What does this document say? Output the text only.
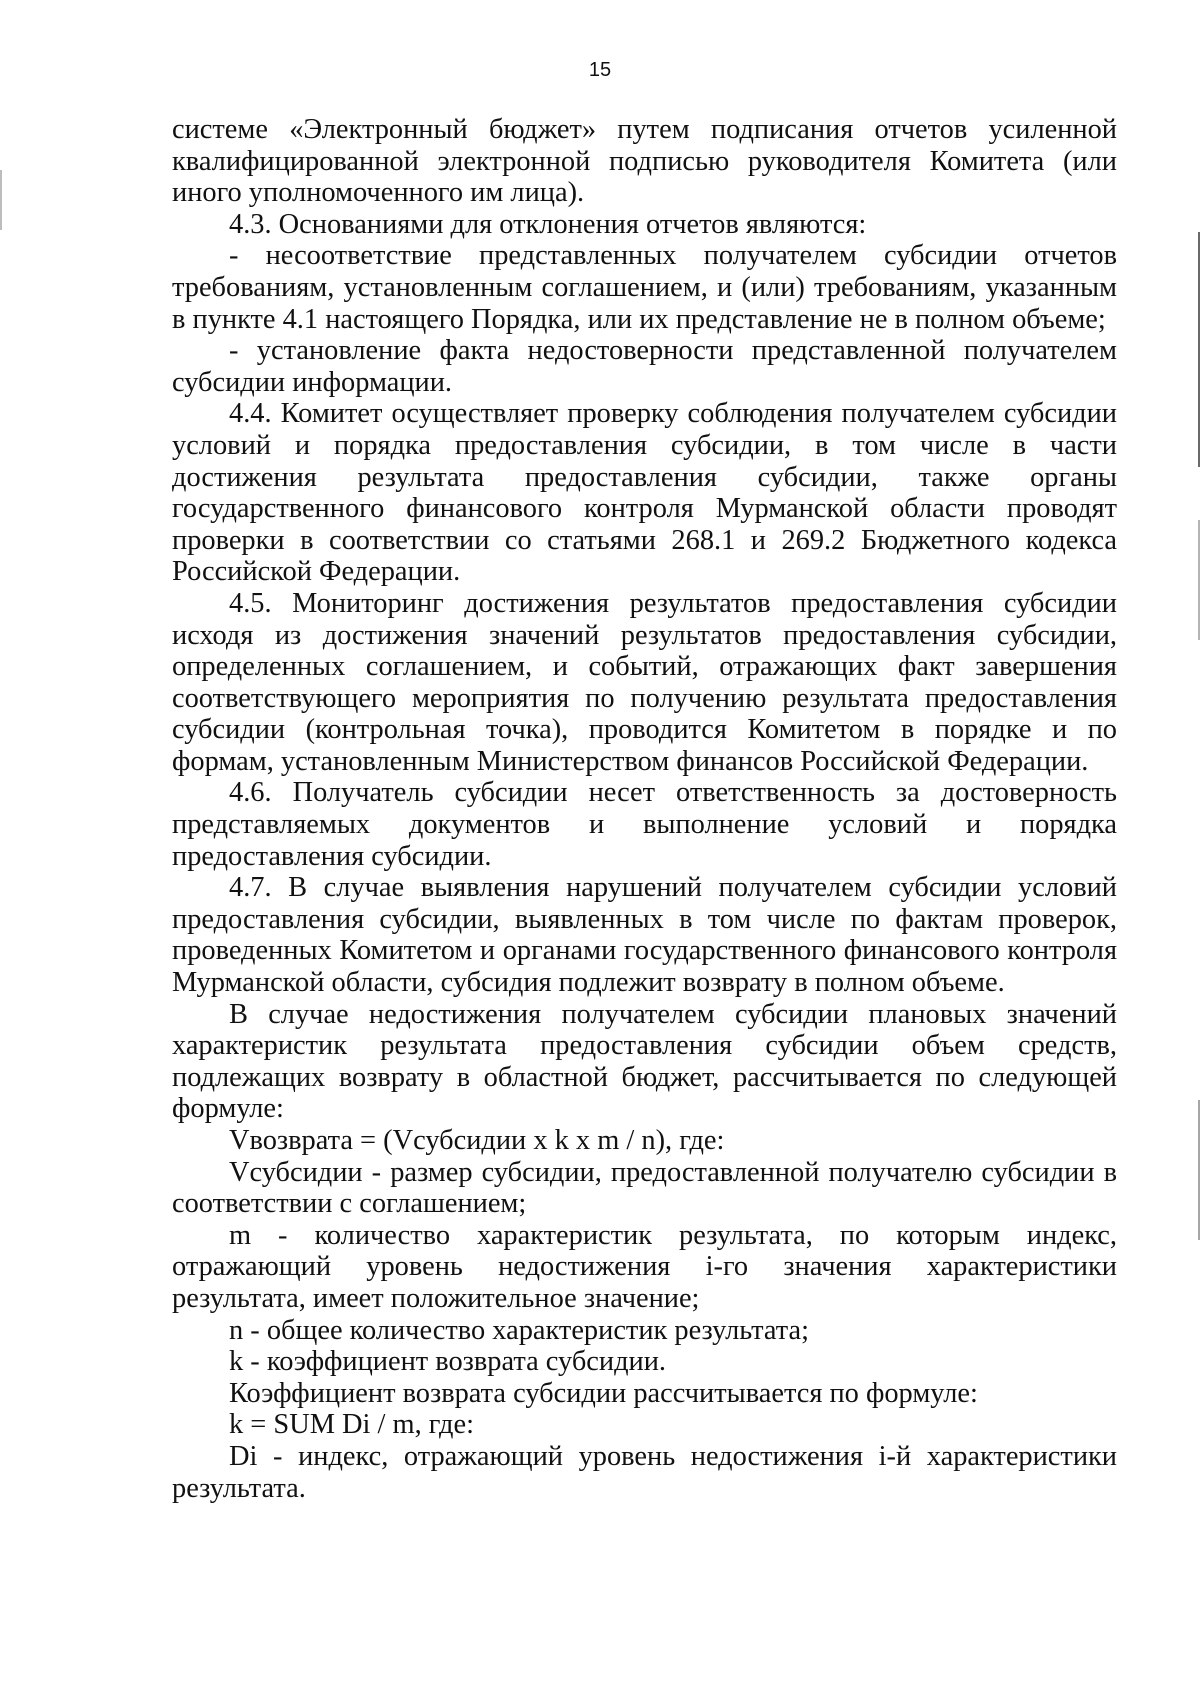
15

системе «Электронный бюджет» путем подписания отчетов усиленной квалифицированной электронной подписью руководителя Комитета (или иного уполномоченного им лица).

4.3. Основаниями для отклонения отчетов являются:

- несоответствие представленных получателем субсидии отчетов требованиям, установленным соглашением, и (или) требованиям, указанным в пункте 4.1 настоящего Порядка, или их представление не в полном объеме;

- установление факта недостоверности представленной получателем субсидии информации.

4.4. Комитет осуществляет проверку соблюдения получателем субсидии условий и порядка предоставления субсидии, в том числе в части достижения результата предоставления субсидии, также органы государственного финансового контроля Мурманской области проводят проверки в соответствии со статьями 268.1 и 269.2 Бюджетного кодекса Российской Федерации.

4.5. Мониторинг достижения результатов предоставления субсидии исходя из достижения значений результатов предоставления субсидии, определенных соглашением, и событий, отражающих факт завершения соответствующего мероприятия по получению результата предоставления субсидии (контрольная точка), проводится Комитетом в порядке и по формам, установленным Министерством финансов Российской Федерации.

4.6. Получатель субсидии несет ответственность за достоверность представляемых документов и выполнение условий и порядка предоставления субсидии.

4.7. В случае выявления нарушений получателем субсидии условий предоставления субсидии, выявленных в том числе по фактам проверок, проведенных Комитетом и органами государственного финансового контроля Мурманской области, субсидия подлежит возврату в полном объеме.

В случае недостижения получателем субсидии плановых значений характеристик результата предоставления субсидии объем средств, подлежащих возврату в областной бюджет, рассчитывается по следующей формуле:

Vвозврата = (Vсубсидии x k x m / n), где:

Vсубсидии - размер субсидии, предоставленной получателю субсидии в соответствии с соглашением;

m - количество характеристик результата, по которым индекс, отражающий уровень недостижения i-го значения характеристики результата, имеет положительное значение;

n - общее количество характеристик результата;

k - коэффициент возврата субсидии.

Коэффициент возврата субсидии рассчитывается по формуле:

k = SUM Di / m, где:

Di - индекс, отражающий уровень недостижения i-й характеристики результата.
